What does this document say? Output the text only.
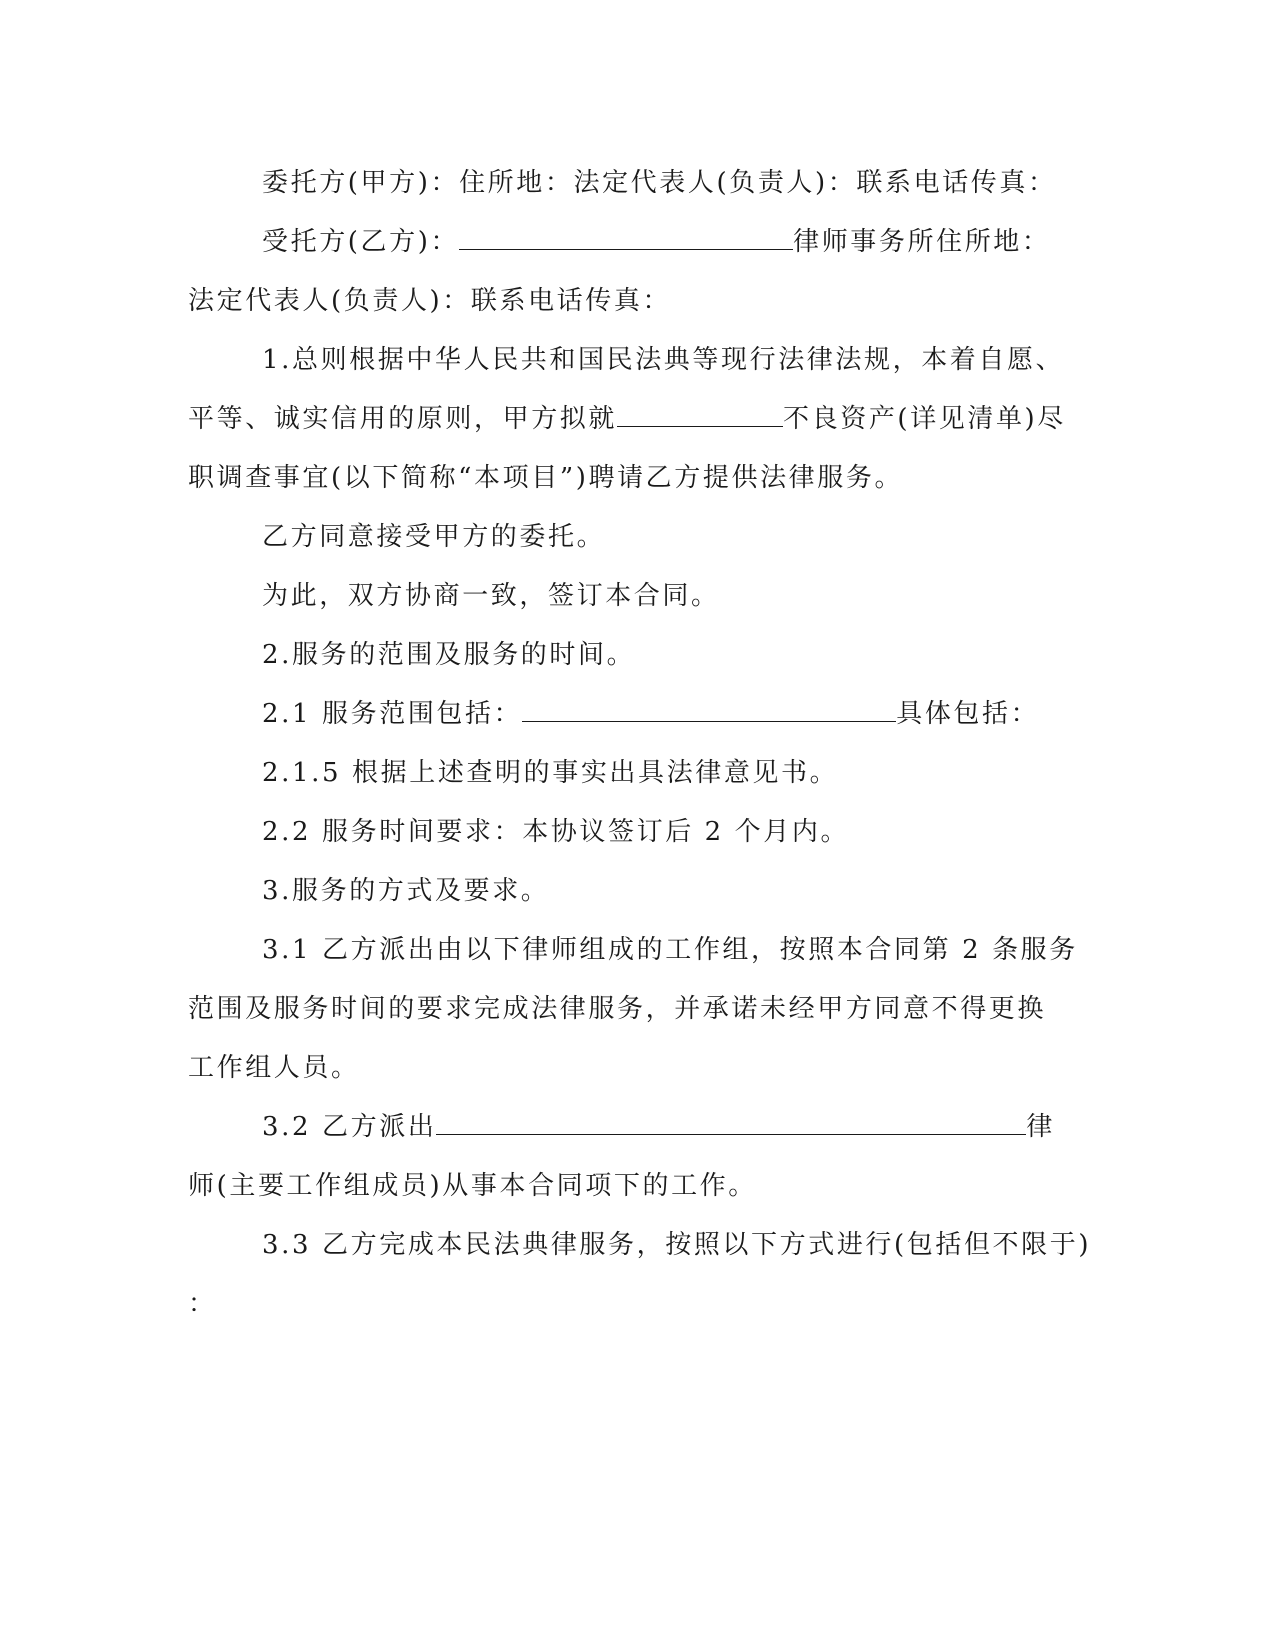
委托方(甲方)：住所地：法定代表人(负责人)：联系电话传真：
受托方(乙方)：	律师事务所住所地：
法定代表人(负责人)：联系电话传真：
1.总则根据中华人民共和国民法典等现行法律法规，本着自愿、
平等、诚实信用的原则，甲方拟就	不良资产(详见清单)尽
职调查事宜(以下简称“本项目”)聘请乙方提供法律服务。
乙方同意接受甲方的委托。
为此，双方协商一致，签订本合同。
2.服务的范围及服务的时间。
2.1 服务范围包括：	具体包括：
2.1.5 根据上述查明的事实出具法律意见书。
2.2 服务时间要求：本协议签订后 2 个月内。
3.服务的方式及要求。
3.1 乙方派出由以下律师组成的工作组，按照本合同第 2 条服务
范围及服务时间的要求完成法律服务，并承诺未经甲方同意不得更换
工作组人员。
3.2 乙方派出	律
师(主要工作组成员)从事本合同项下的工作。
3.3 乙方完成本民法典律服务，按照以下方式进行(包括但不限于)
：
